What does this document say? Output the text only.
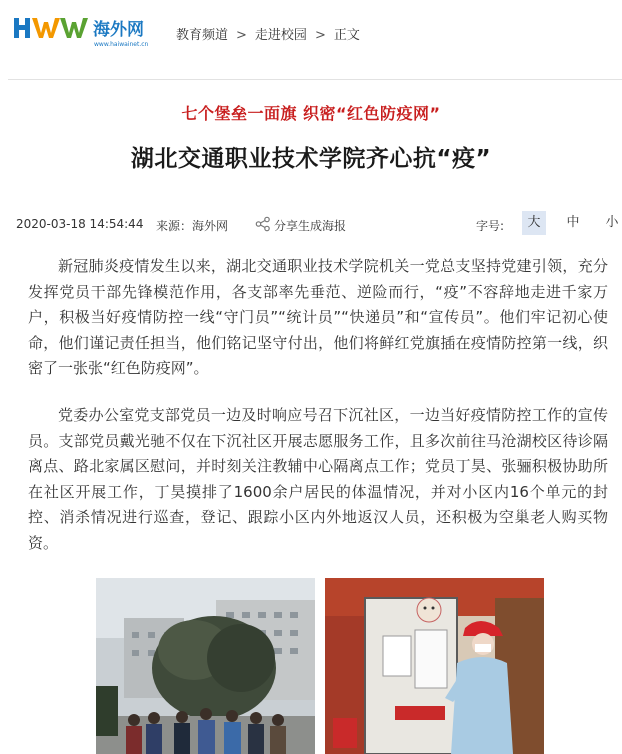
海外网
www.haiwainet.cn
教育频道 > 走进校园 > 正文
七个堡垒一面旗 织密“红色防疫网”
湖北交通职业技术学院齐心抗“疫”
2020-03-18 14:54:44 来源：海外网	分享 生成海报	字号:	大	中	小

新冠肺炎疫情发生以来，湖北交通职业技术学院机关一党总支坚持党建引领，充分发挥党员干部先锋模范作用，各支部率先垂范、逆险而行，“疫”不容辞地走进千家万户，积极当好疫情防控一线“守门员”“统计员”“快递员”和“宣传员”。他们牢记初心使命，他们谨记责任担当，他们铭记坚守付出，他们将鲜红党旗插在疫情防控第一线，织密了一张张“红色防疫网”。

党委办公室党支部党员一边及时响应号召下沉社区，一边当好疫情防控工作的宣传员。支部党员戴光驰不仅在下沉社区开展志愿服务工作，且多次前往马沧湖校区待诊隔离点、路北家属区慰问，并时刻关注教辅中心隔离点工作；党员丁昊、张骊积极协助所在社区开展工作，丁昊摸排了1600余户居民的体温情况，并对小区内16个单元的封控、消杀情况进行巡查，登记、跟踪小区内外地返汉人员，还积极为空巢老人购买物资。
